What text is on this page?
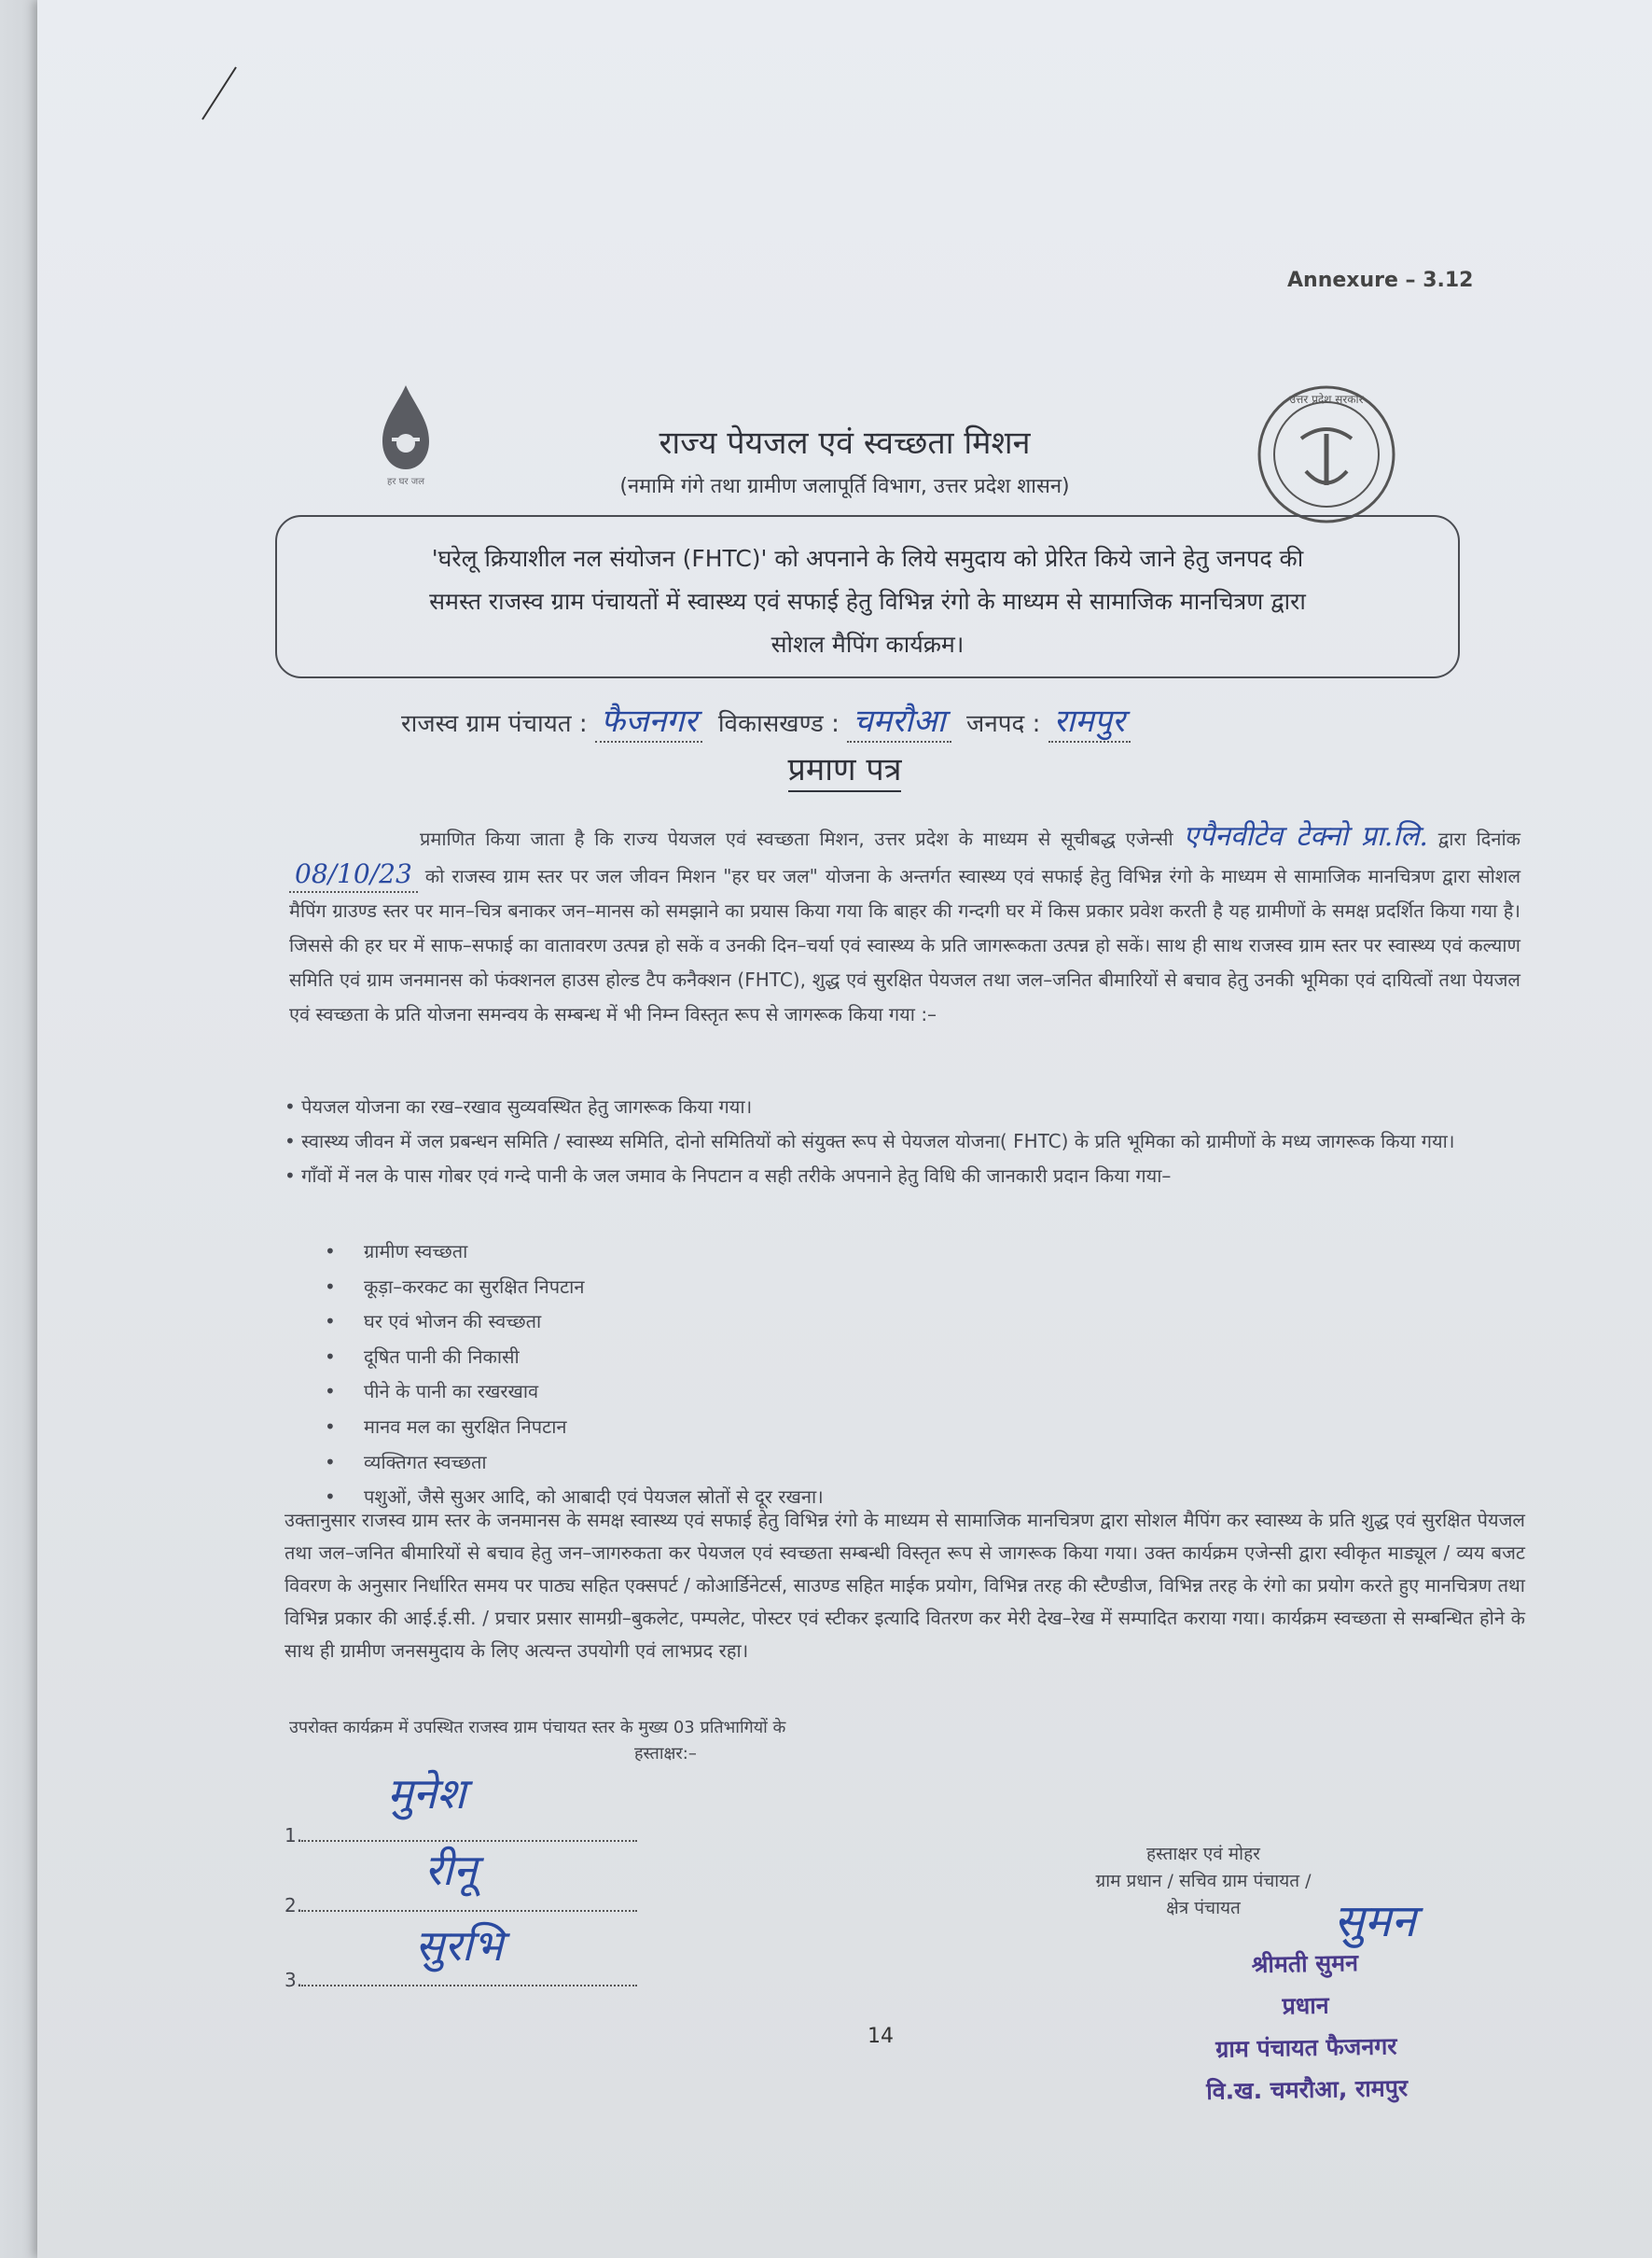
Annexure – 3.12
हर घर जल
उत्तर प्रदेश सरकार
राज्य पेयजल एवं स्वच्छता मिशन
(नमामि गंगे तथा ग्रामीण जलापूर्ति विभाग, उत्तर प्रदेश शासन)
'घरेलू क्रियाशील नल संयोजन (FHTC)' को अपनाने के लिये समुदाय को प्रेरित किये जाने हेतु जनपद की
समस्त राजस्व ग्राम पंचायतों में स्वास्थ्य एवं सफाई हेतु विभिन्न रंगो के माध्यम से सामाजिक मानचित्रण द्वारा
सोशल मैपिंग कार्यक्रम।
राजस्व ग्राम पंचायत : फैजनगर विकासखण्ड : चमरौआ जनपद : रामपुर
प्रमाण पत्र
प्रमाणित किया जाता है कि राज्य पेयजल एवं स्वच्छता मिशन, उत्तर प्रदेश के माध्यम से सूचीबद्ध एजेन्सी एपैनवीटेव टेक्नो प्रा.लि. द्वारा दिनांक 08/10/23 को राजस्व ग्राम स्तर पर जल जीवन मिशन "हर घर जल" योजना के अन्तर्गत स्वास्थ्य एवं सफाई हेतु विभिन्न रंगो के माध्यम से सामाजिक मानचित्रण द्वारा सोशल मैपिंग ग्राउण्ड स्तर पर मान–चित्र बनाकर जन–मानस को समझाने का प्रयास किया गया कि बाहर की गन्दगी घर में किस प्रकार प्रवेश करती है यह ग्रामीणों के समक्ष प्रदर्शित किया गया है। जिससे की हर घर में साफ–सफाई का वातावरण उत्पन्न हो सकें व उनकी दिन–चर्या एवं स्वास्थ्य के प्रति जागरूकता उत्पन्न हो सकें। साथ ही साथ राजस्व ग्राम स्तर पर स्वास्थ्य एवं कल्याण समिति एवं ग्राम जनमानस को फंक्शनल हाउस होल्ड टैप कनैक्शन (FHTC), शुद्ध एवं सुरक्षित पेयजल तथा जल–जनित बीमारियों से बचाव हेतु उनकी भूमिका एवं दायित्वों तथा पेयजल एवं स्वच्छता के प्रति योजना समन्वय के सम्बन्ध में भी निम्न विस्तृत रूप से जागरूक किया गया :–
• पेयजल योजना का रख–रखाव सुव्यवस्थित हेतु जागरूक किया गया।
• स्वास्थ्य जीवन में जल प्रबन्धन समिति / स्वास्थ्य समिति, दोनो समितियों को संयुक्त रूप से पेयजल योजना( FHTC) के प्रति भूमिका को ग्रामीणों के मध्य जागरूक किया गया।
• गाँवों में नल के पास गोबर एवं गन्दे पानी के जल जमाव के निपटान व सही तरीके अपनाने हेतु विधि की जानकारी प्रदान किया गया–
• ग्रामीण स्वच्छता
• कूड़ा–करकट का सुरक्षित निपटान
• घर एवं भोजन की स्वच्छता
• दूषित पानी की निकासी
• पीने के पानी का रखरखाव
• मानव मल का सुरक्षित निपटान
• व्यक्तिगत स्वच्छता
• पशुओं, जैसे सुअर आदि, को आबादी एवं पेयजल स्रोतों से दूर रखना।
उक्तानुसार राजस्व ग्राम स्तर के जनमानस के समक्ष स्वास्थ्य एवं सफाई हेतु विभिन्न रंगो के माध्यम से सामाजिक मानचित्रण द्वारा सोशल मैपिंग कर स्वास्थ्य के प्रति शुद्ध एवं सुरक्षित पेयजल तथा जल–जनित बीमारियों से बचाव हेतु जन–जागरुकता कर पेयजल एवं स्वच्छता सम्बन्धी विस्तृत रूप से जागरूक किया गया। उक्त कार्यक्रम एजेन्सी द्वारा स्वीकृत माड्यूल / व्यय बजट विवरण के अनुसार निर्धारित समय पर पाठ्य सहित एक्सपर्ट / कोआर्डिनेटर्स, साउण्ड सहित माईक प्रयोग, विभिन्न तरह की स्टैण्डीज, विभिन्न तरह के रंगो का प्रयोग करते हुए मानचित्रण तथा विभिन्न प्रकार की आई.ई.सी. / प्रचार प्रसार सामग्री–बुकलेट, पम्पलेट, पोस्टर एवं स्टीकर इत्यादि वितरण कर मेरी देख–रेख में सम्पादित कराया गया। कार्यक्रम स्वच्छता से सम्बन्धित होने के साथ ही ग्रामीण जनसमुदाय के लिए अत्यन्त उपयोगी एवं लाभप्रद रहा।
उपरोक्त कार्यक्रम में उपस्थित राजस्व ग्राम पंचायत स्तर के मुख्य 03 प्रतिभागियों के
हस्ताक्षर:–
मुनेश
1.
रीनू
2.
सुरभि
3.
हस्ताक्षर एवं मोहर
ग्राम प्रधान / सचिव ग्राम पंचायत /
क्षेत्र पंचायत	सुमन
श्रीमती सुमन
प्रधान
ग्राम पंचायत फैजनगर
वि.ख. चमरौआ, रामपुर
14
